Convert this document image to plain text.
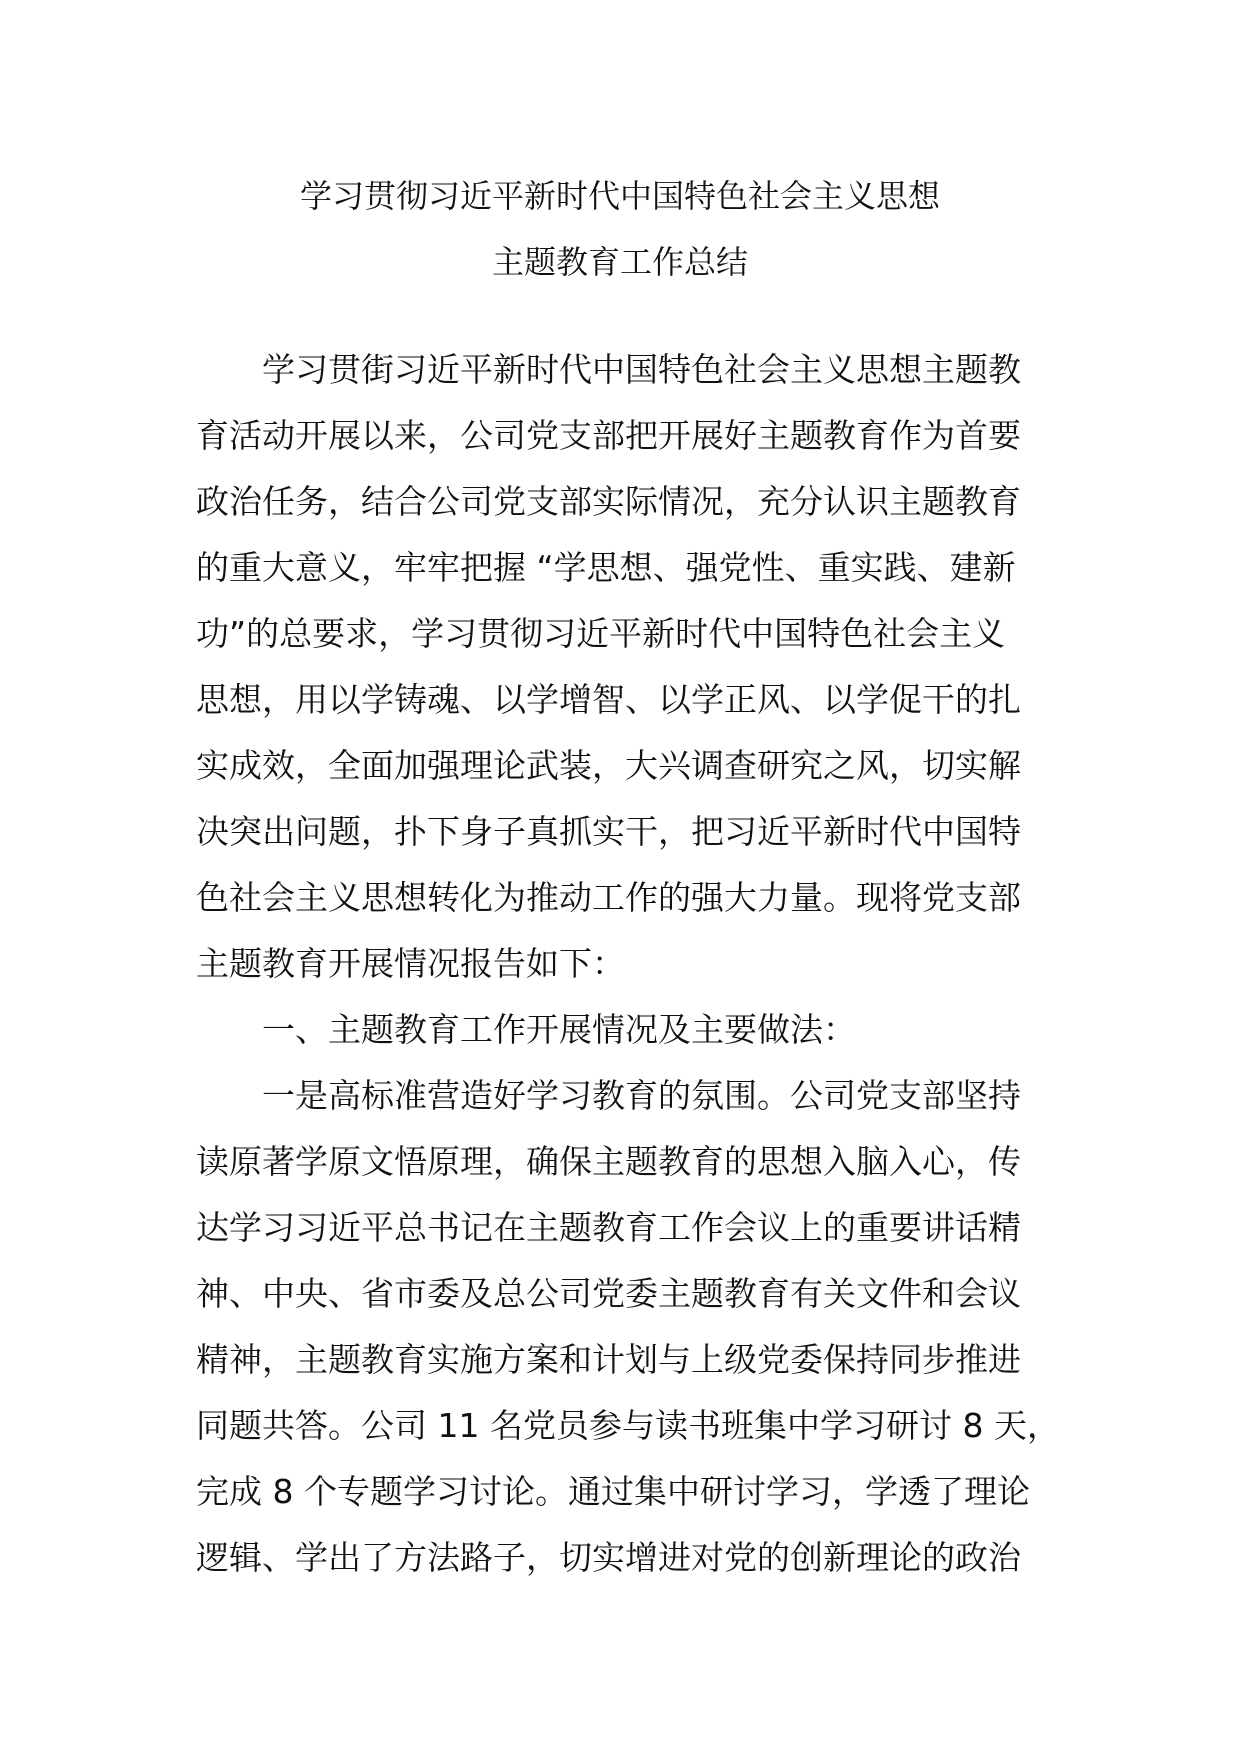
学习贯彻习近平新时代中国特色社会主义思想
主题教育工作总结
学习贯街习近平新时代中国特色社会主义思想主题教
育活动开展以来，公司党支部把开展好主题教育作为首要
政治任务，结合公司党支部实际情况，充分认识主题教育
的重大意义，牢牢把握 “学思想、强党性、重实践、建新
功”的总要求，学习贯彻习近平新时代中国特色社会主义
思想，用以学铸魂、以学增智、以学正风、以学促干的扎
实成效，全面加强理论武装，大兴调查研究之风，切实解
决突出问题，扑下身子真抓实干，把习近平新时代中国特
色社会主义思想转化为推动工作的强大力量。现将党支部
主题教育开展情况报告如下：
一、主题教育工作开展情况及主要做法：
一是高标准营造好学习教育的氛围。公司党支部坚持
读原著学原文悟原理，确保主题教育的思想入脑入心，传
达学习习近平总书记在主题教育工作会议上的重要讲话精
神、中央、省市委及总公司党委主题教育有关文件和会议
精神，主题教育实施方案和计划与上级党委保持同步推进
同题共答。公司 11 名党员参与读书班集中学习研讨 8 天，
完成 8 个专题学习讨论。通过集中研讨学习，学透了理论
逻辑、学出了方法路子，切实增进对党的创新理论的政治
